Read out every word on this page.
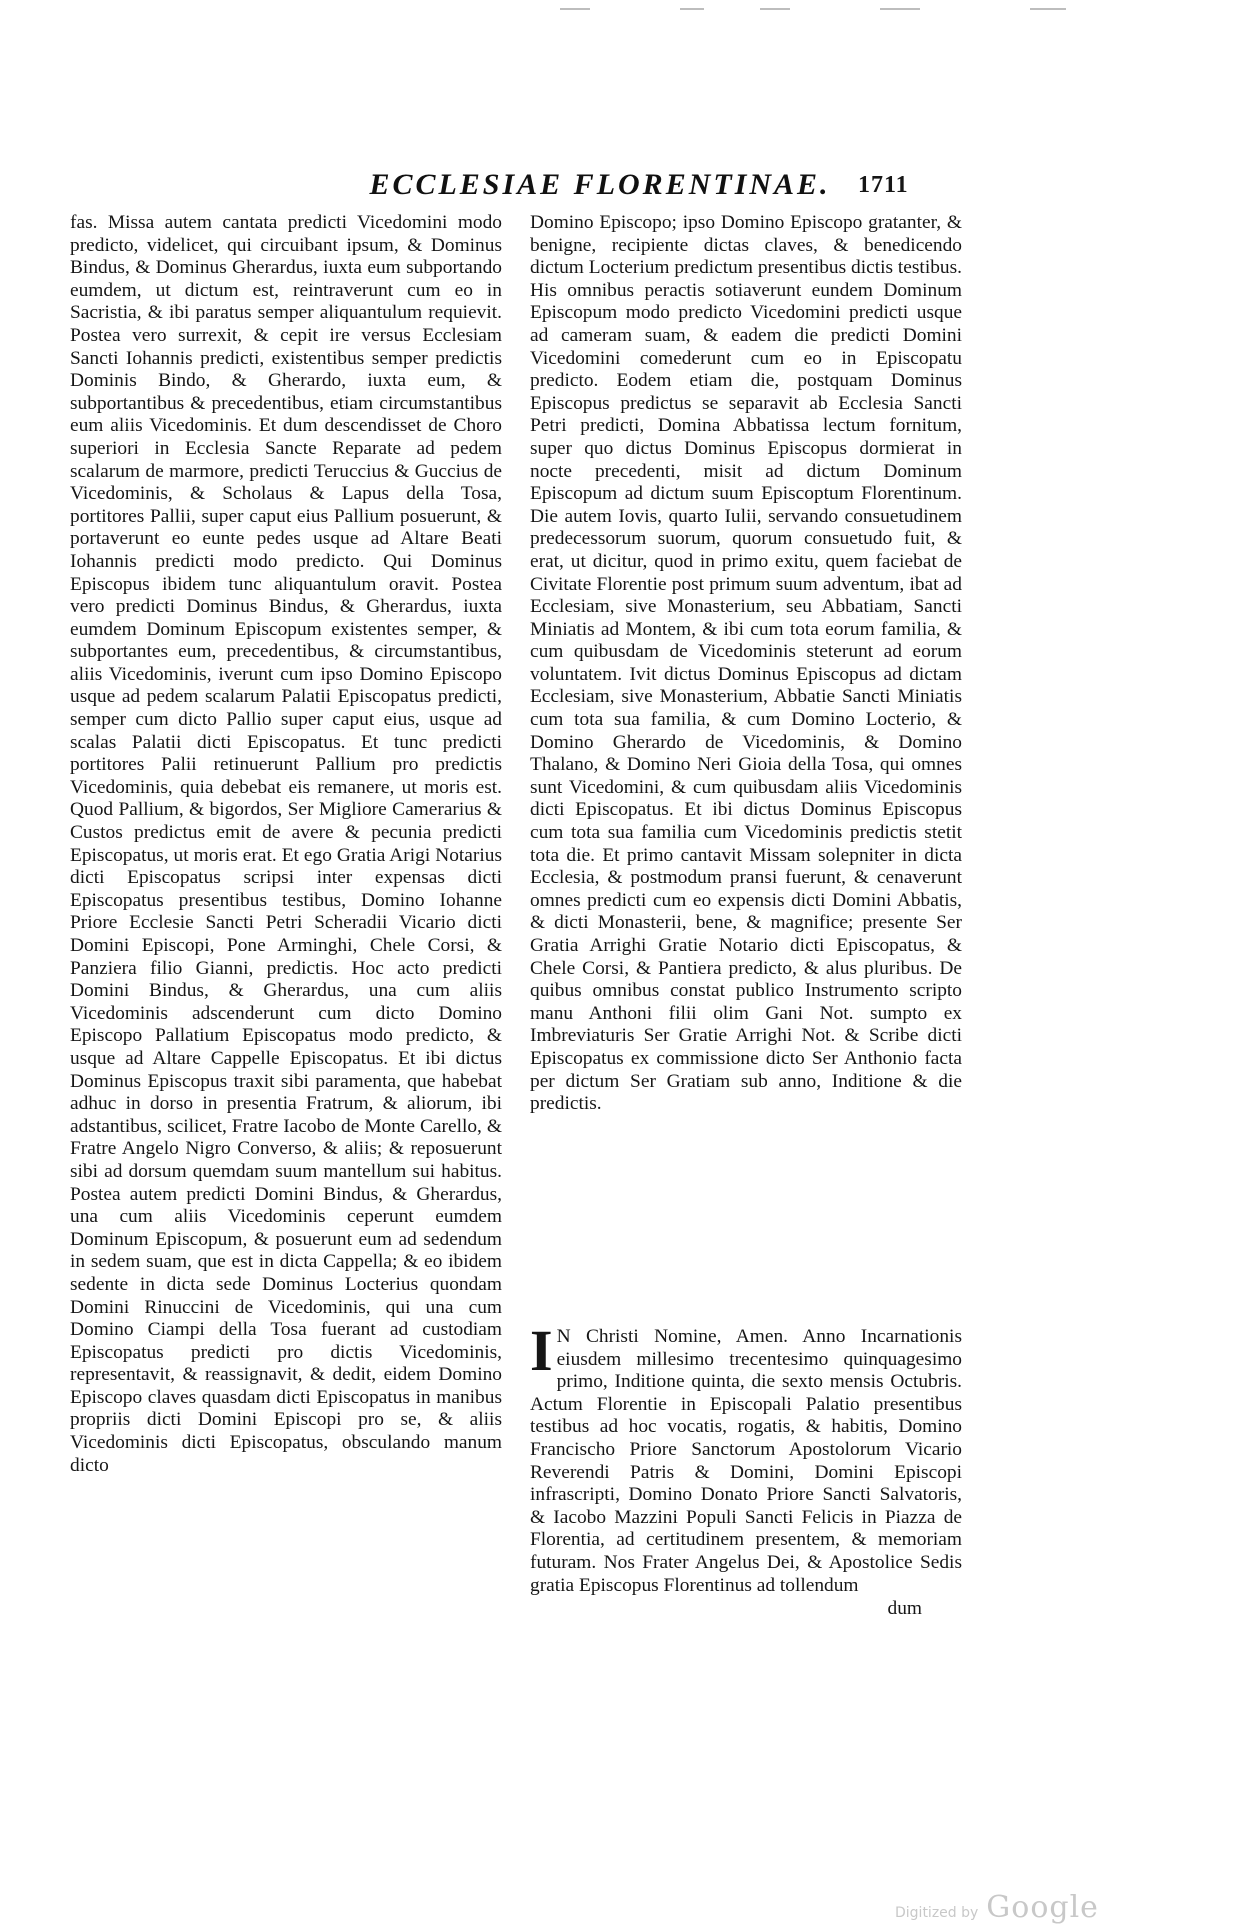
ECCLESIAE FLORENTINAE.	1711

fas. Missa autem cantata predicti Vicedomini modo predicto, videlicet, qui circuibant ipsum, & Dominus Bindus, & Dominus Gherardus, iuxta eum subportando eumdem, ut dictum est, reintraverunt cum eo in Sacristia, & ibi paratus semper aliquantulum requievit. Postea vero surrexit, & cepit ire versus Ecclesiam Sancti Iohannis predicti, existentibus semper predictis Dominis Bindo, & Gherardo, iuxta eum, & subportantibus & precedentibus, etiam circumstantibus eum aliis Vicedominis. Et dum descendisset de Choro superiori in Ecclesia Sancte Reparate ad pedem scalarum de marmore, predicti Teruccius & Guccius de Vicedominis, & Scholaus & Lapus della Tosa, portitores Pallii, super caput eius Pallium posuerunt, & portaverunt eo eunte pedes usque ad Altare Beati Iohannis predicti modo predicto. Qui Dominus Episcopus ibidem tunc aliquantulum oravit. Postea vero predicti Dominus Bindus, & Gherardus, iuxta eumdem Dominum Episcopum existentes semper, & subportantes eum, precedentibus, & circumstantibus, aliis Vicedominis, iverunt cum ipso Domino Episcopo usque ad pedem scalarum Palatii Episcopatus predicti, semper cum dicto Pallio super caput eius, usque ad scalas Palatii dicti Episcopatus. Et tunc predicti portitores Palii retinuerunt Pallium pro predictis Vicedominis, quia debebat eis remanere, ut moris est. Quod Pallium, & bigordos, Ser Migliore Camerarius & Custos predictus emit de avere & pecunia predicti Episcopatus, ut moris erat. Et ego Gratia Arigi Notarius dicti Episcopatus scripsi inter expensas dicti Episcopatus presentibus testibus, Domino Iohanne Priore Ecclesie Sancti Petri Scheradii Vicario dicti Domini Episcopi, Pone Arminghi, Chele Corsi, & Panziera filio Gianni, predictis. Hoc acto predicti Domini Bindus, & Gherardus, una cum aliis Vicedominis adscenderunt cum dicto Domino Episcopo Pallatium Episcopatus modo predicto, & usque ad Altare Cappelle Episcopatus. Et ibi dictus Dominus Episcopus traxit sibi paramenta, que habebat adhuc in dorso in presentia Fratrum, & aliorum, ibi adstantibus, scilicet, Fratre Iacobo de Monte Carello, & Fratre Angelo Nigro Converso, & aliis; & reposuerunt sibi ad dorsum quemdam suum mantellum sui habitus. Postea autem predicti Domini Bindus, & Gherardus, una cum aliis Vicedominis ceperunt eumdem Dominum Episcopum, & posuerunt eum ad sedendum in sedem suam, que est in dicta Cappella; & eo ibidem sedente in dicta sede Dominus Locterius quondam Domini Rinuccini de Vicedominis, qui una cum Domino Ciampi della Tosa fuerant ad custodiam Episcopatus predicti pro dictis Vicedominis, representavit, & reassignavit, & dedit, eidem Domino Episcopo claves quasdam dicti Episcopatus in manibus propriis dicti Domini Episcopi pro se, & aliis Vicedominis dicti Episcopatus, obsculando manum dicto

Domino Episcopo; ipso Domino Episcopo gratanter, & benigne, recipiente dictas claves, & benedicendo dictum Locterium predictum presentibus dictis testibus. His omnibus peractis sotiaverunt eundem Dominum Episcopum modo predicto Vicedomini predicti usque ad cameram suam, & eadem die predicti Domini Vicedomini comederunt cum eo in Episcopatu predicto. Eodem etiam die, postquam Dominus Episcopus predictus se separavit ab Ecclesia Sancti Petri predicti, Domina Abbatissa lectum fornitum, super quo dictus Dominus Episcopus dormierat in nocte precedenti, misit ad dictum Dominum Episcopum ad dictum suum Episcoptum Florentinum. Die autem Iovis, quarto Iulii, servando consuetudinem predecessorum suorum, quorum consuetudo fuit, & erat, ut dicitur, quod in primo exitu, quem faciebat de Civitate Florentie post primum suum adventum, ibat ad Ecclesiam, sive Monasterium, seu Abbatiam, Sancti Miniatis ad Montem, & ibi cum tota eorum familia, & cum quibusdam de Vicedominis steterunt ad eorum voluntatem. Ivit dictus Dominus Episcopus ad dictam Ecclesiam, sive Monasterium, Abbatie Sancti Miniatis cum tota sua familia, & cum Domino Locterio, & Domino Gherardo de Vicedominis, & Domino Thalano, & Domino Neri Gioia della Tosa, qui omnes sunt Vicedomini, & cum quibusdam aliis Vicedominis dicti Episcopatus. Et ibi dictus Dominus Episcopus cum tota sua familia cum Vicedominis predictis stetit tota die. Et primo cantavit Missam solepniter in dicta Ecclesia, & postmodum pransi fuerunt, & cenaverunt omnes predicti cum eo expensis dicti Domini Abbatis, & dicti Monasterii, bene, & magnifice; presente Ser Gratia Arrighi Gratie Notario dicti Episcopatus, & Chele Corsi, & Pantiera predicto, & alus pluribus. De quibus omnibus constat publico Instrumento scripto manu Anthoni filii olim Gani Not. sumpto ex Imbreviaturis Ser Gratie Arrighi Not. & Scribe dicti Episcopatus ex commissione dicto Ser Anthonio facta per dictum Ser Gratiam sub anno, Inditione & die predictis.

I N Christi Nomine, Amen. Anno Incarnationis eiusdem millesimo trecentesimo quinquagesimo primo, Inditione quinta, die sexto mensis Octubris. Actum Florentie in Episcopali Palatio presentibus testibus ad hoc vocatis, rogatis, & habitis, Domino Francischo Priore Sanctorum Apostolorum Vicario Reverendi Patris & Domini, Domini Episcopi infrascripti, Domino Donato Priore Sancti Salvatoris, & Iacobo Mazzini Populi Sancti Felicis in Piazza de Florentia, ad certitudinem presentem, & memoriam futuram. Nos Frater Angelus Dei, & Apostolice Sedis gratia Episcopus Florentinus ad tollendum

dum
Digitized by Google
